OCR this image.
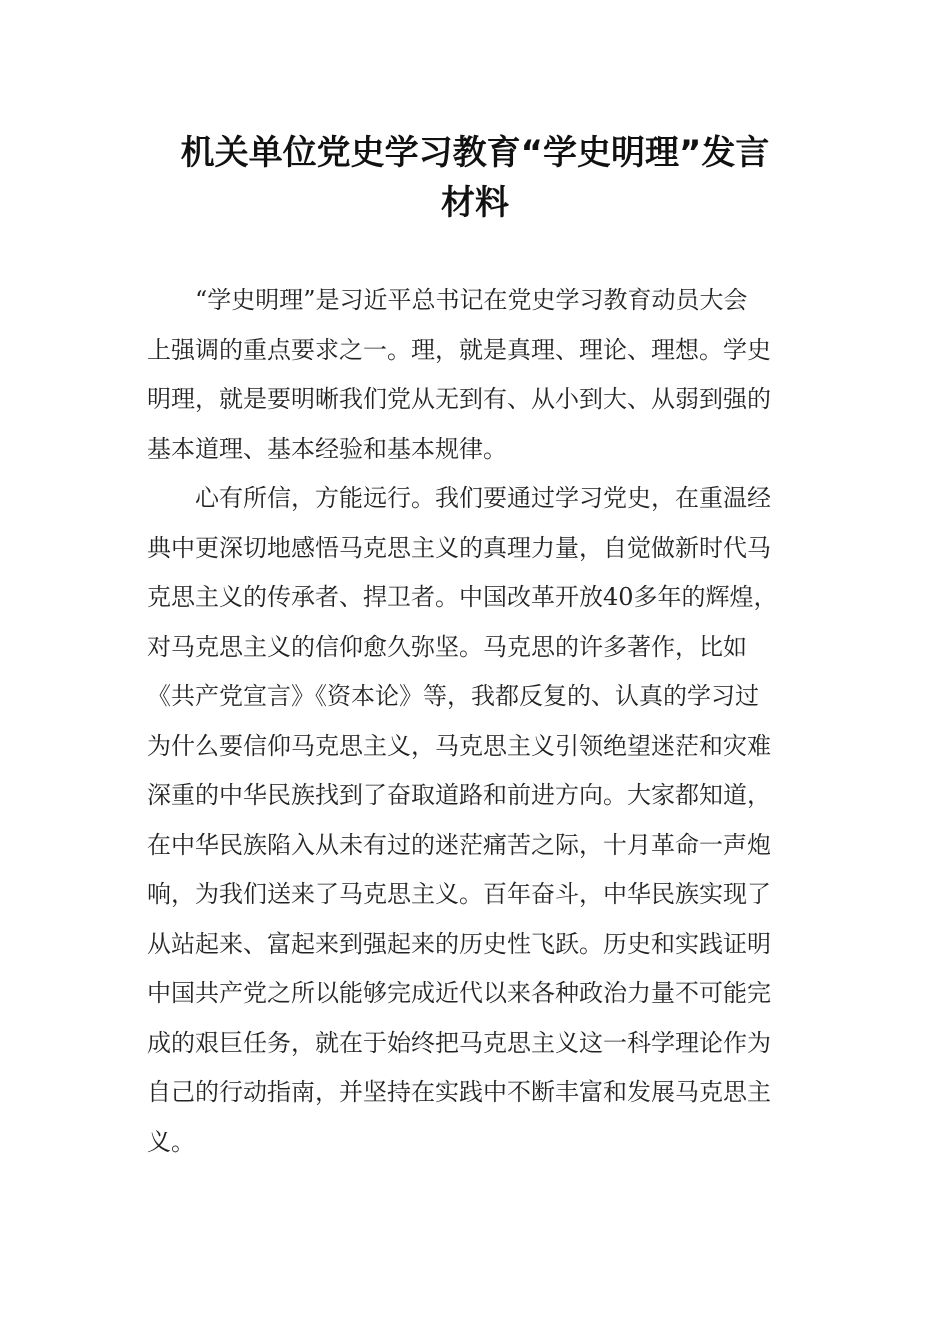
机关单位党史学习教育“学史明理”发言
材料
“学史明理”是习近平总书记在党史学习教育动员大会
上强调的重点要求之一。理，就是真理、理论、理想。学史
明理，就是要明晰我们党从无到有、从小到大、从弱到强的
基本道理、基本经验和基本规律。
心有所信，方能远行。我们要通过学习党史，在重温经
典中更深切地感悟马克思主义的真理力量，自觉做新时代马
克思主义的传承者、捍卫者。中国改革开放40多年的辉煌，
对马克思主义的信仰愈久弥坚。马克思的许多著作，比如
《共产党宣言》《资本论》等，我都反复的、认真的学习过
为什么要信仰马克思主义，马克思主义引领绝望迷茫和灾难
深重的中华民族找到了奋取道路和前进方向。大家都知道，
在中华民族陷入从未有过的迷茫痛苦之际，十月革命一声炮
响，为我们送来了马克思主义。百年奋斗，中华民族实现了
从站起来、富起来到强起来的历史性飞跃。历史和实践证明
中国共产党之所以能够完成近代以来各种政治力量不可能完
成的艰巨任务，就在于始终把马克思主义这一科学理论作为
自己的行动指南，并坚持在实践中不断丰富和发展马克思主
义。
